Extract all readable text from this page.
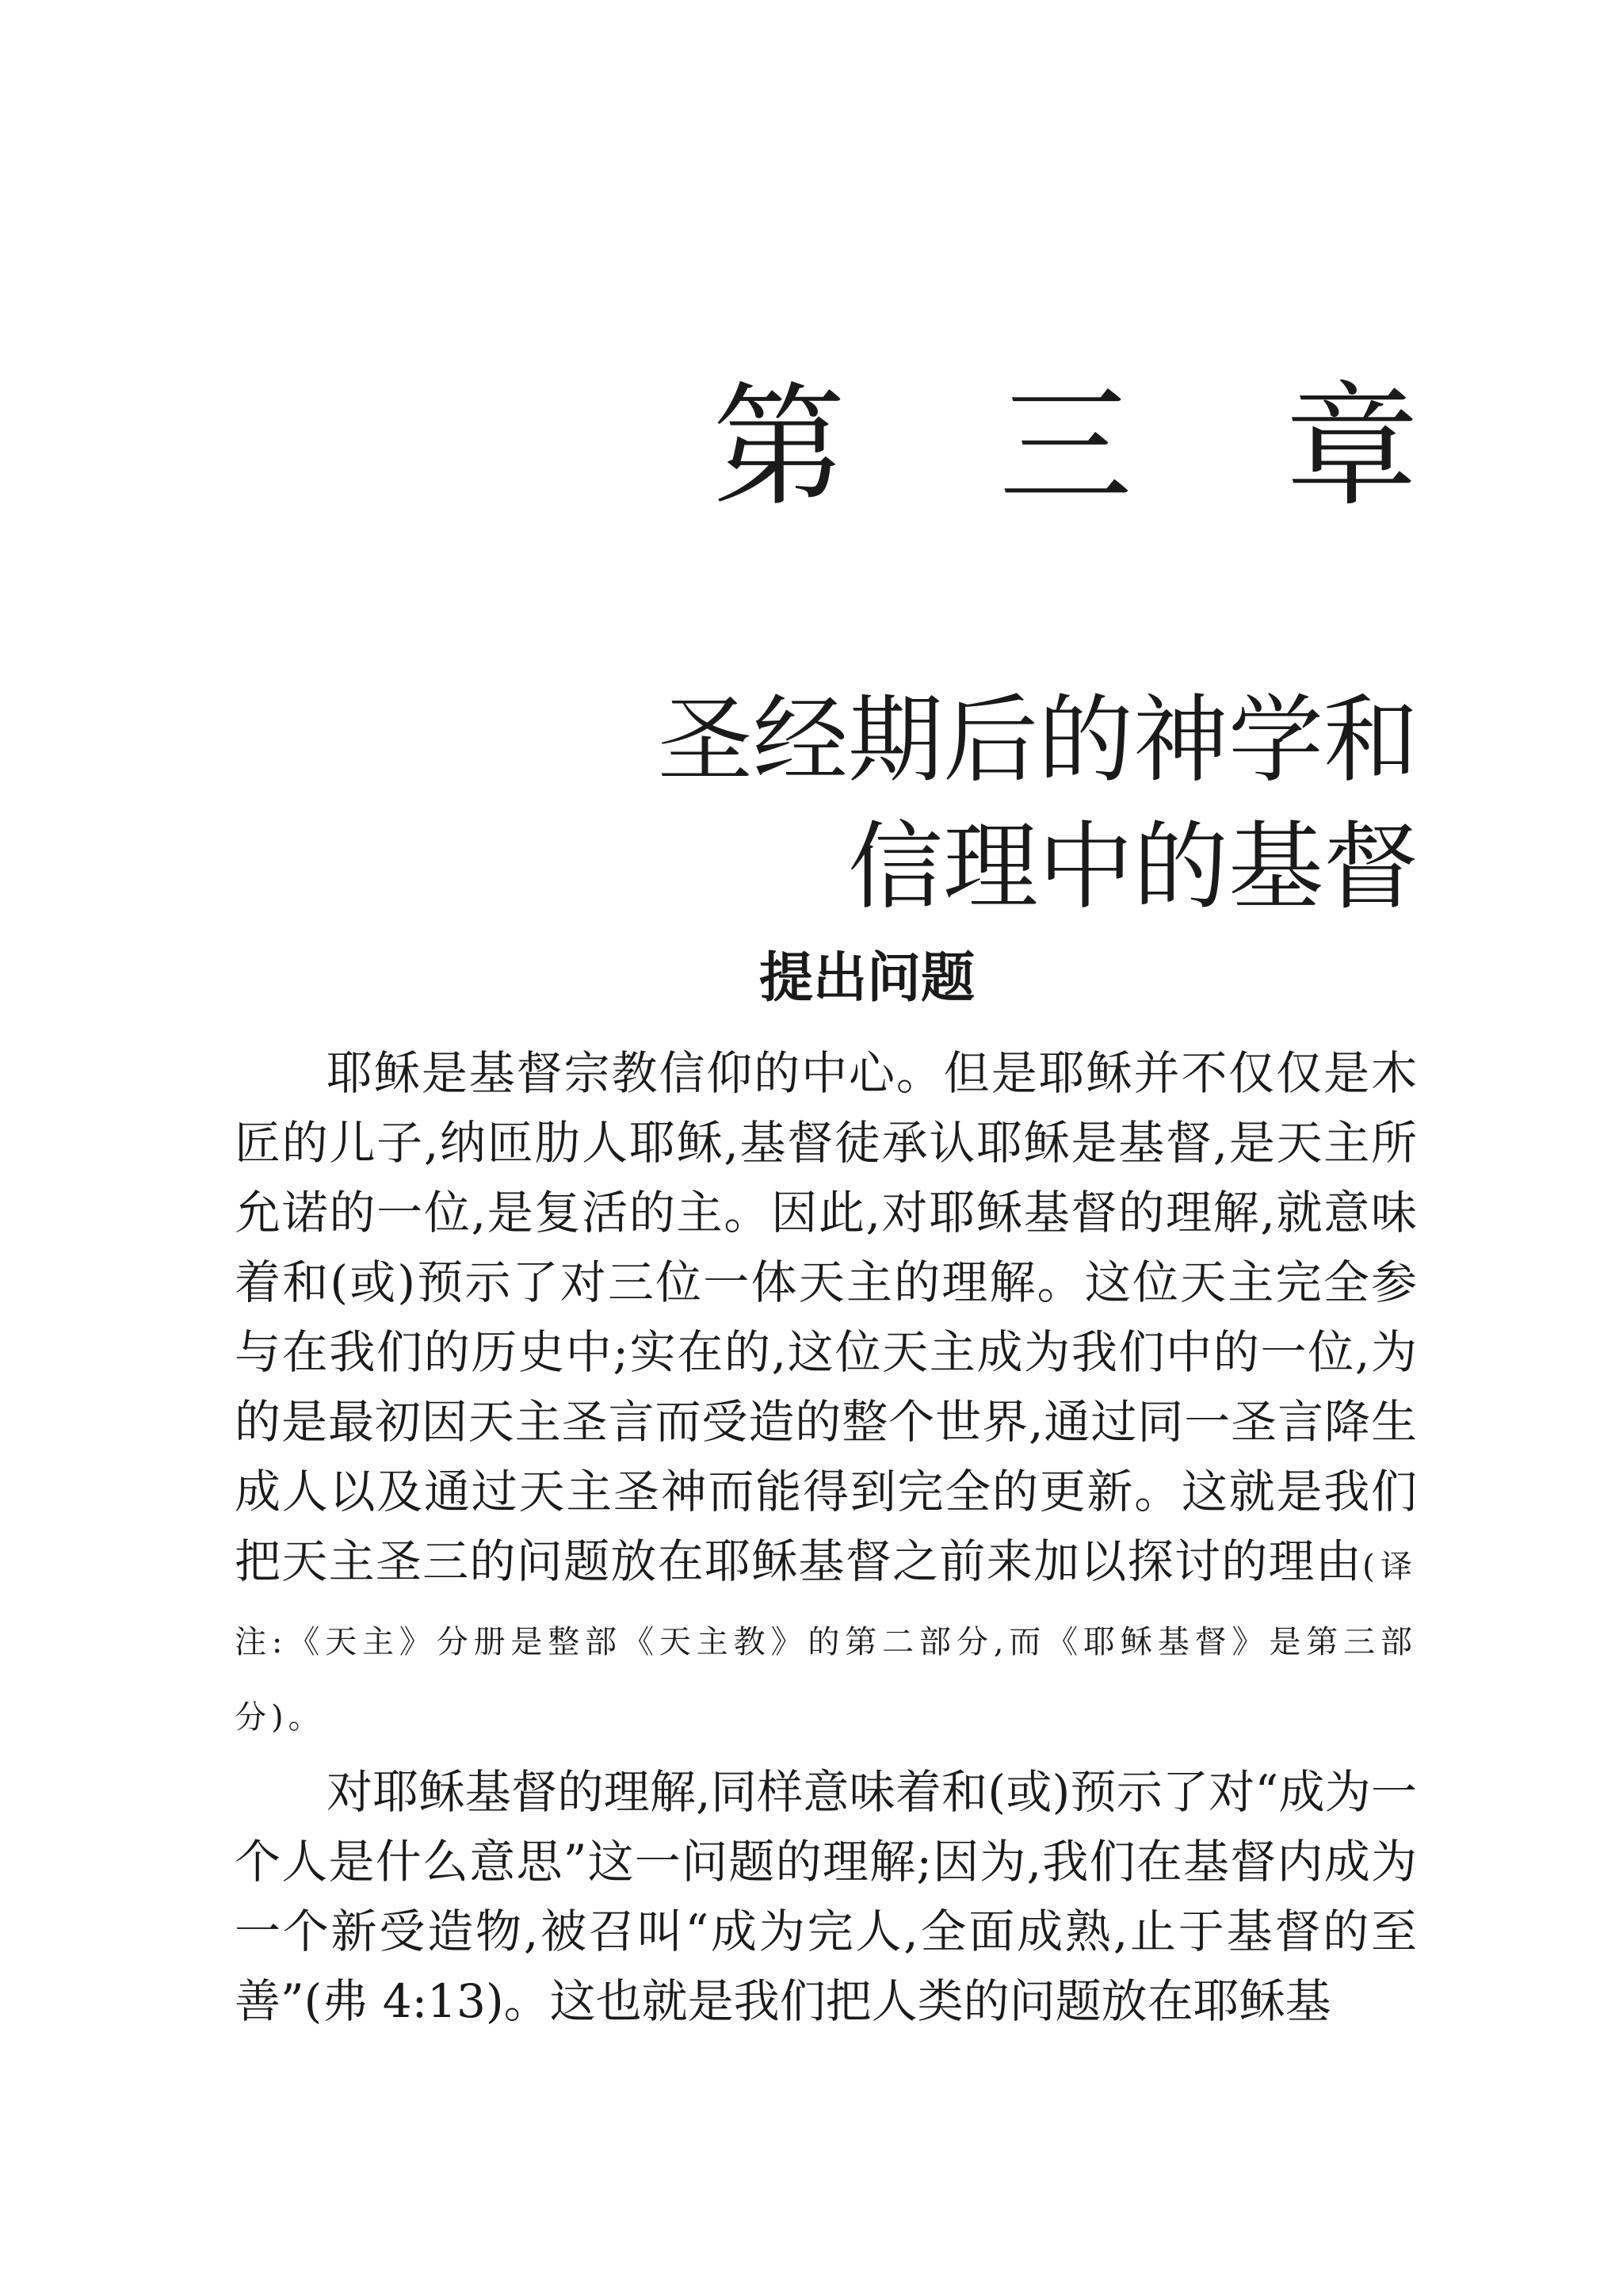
第 三 章
圣经期后的神学和
信理中的基督
提出问题

耶稣是基督宗教信仰的中心。但是耶稣并不仅仅是木匠的儿子,纳匝肋人耶稣,基督徒承认耶稣是基督,是天主所允诺的一位,是复活的主。因此,对耶稣基督的理解,就意味着和(或)预示了对三位一体天主的理解。这位天主完全参与在我们的历史中;实在的,这位天主成为我们中的一位,为的是最初因天主圣言而受造的整个世界,通过同一圣言降生成人以及通过天主圣神而能得到完全的更新。这就是我们把天主圣三的问题放在耶稣基督之前来加以探讨的理由(译注:《天主》分册是整部《天主教》的第二部分,而《耶稣基督》是第三部分)。

对耶稣基督的理解,同样意味着和(或)预示了对“成为一个人是什么意思”这一问题的理解;因为,我们在基督内成为一个新受造物,被召叫“成为完人,全面成熟,止于基督的至善”(弗 4:13)。这也就是我们把人类的问题放在耶稣基
